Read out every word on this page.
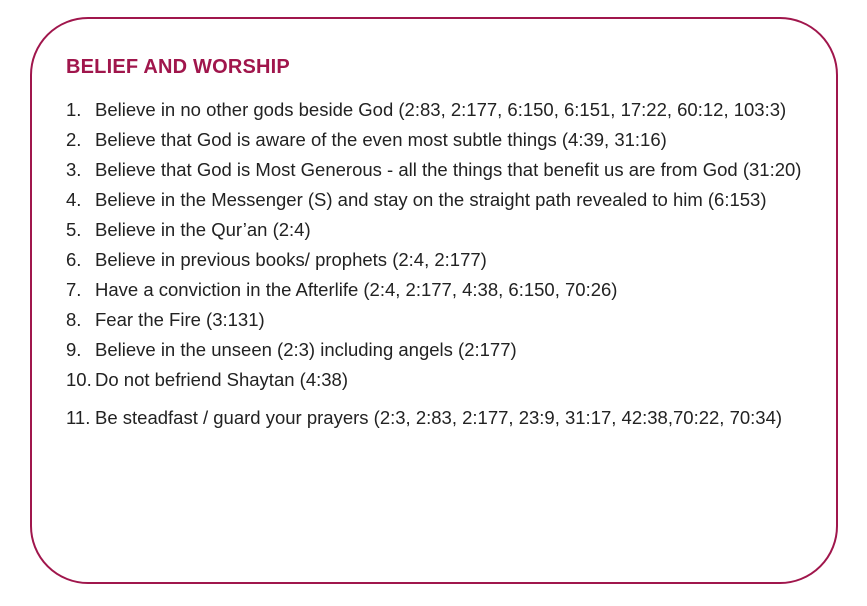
BELIEF AND WORSHIP
1. Believe in no other gods beside God (2:83, 2:177, 6:150, 6:151, 17:22, 60:12, 103:3)
2. Believe that God is aware of the even most subtle things (4:39, 31:16)
3. Believe that God is Most Generous - all the things that benefit us are from God (31:20)
4. Believe in the Messenger (S) and stay on the straight path revealed to him (6:153)
5. Believe in the Qur’an (2:4)
6. Believe in previous books/ prophets (2:4, 2:177)
7. Have a conviction in the Afterlife (2:4, 2:177, 4:38, 6:150, 70:26)
8. Fear the Fire (3:131)
9. Believe in the unseen (2:3) including angels (2:177)
10. Do not befriend Shaytan (4:38)
11. Be steadfast / guard your prayers (2:3, 2:83, 2:177, 23:9, 31:17, 42:38,70:22, 70:34)
